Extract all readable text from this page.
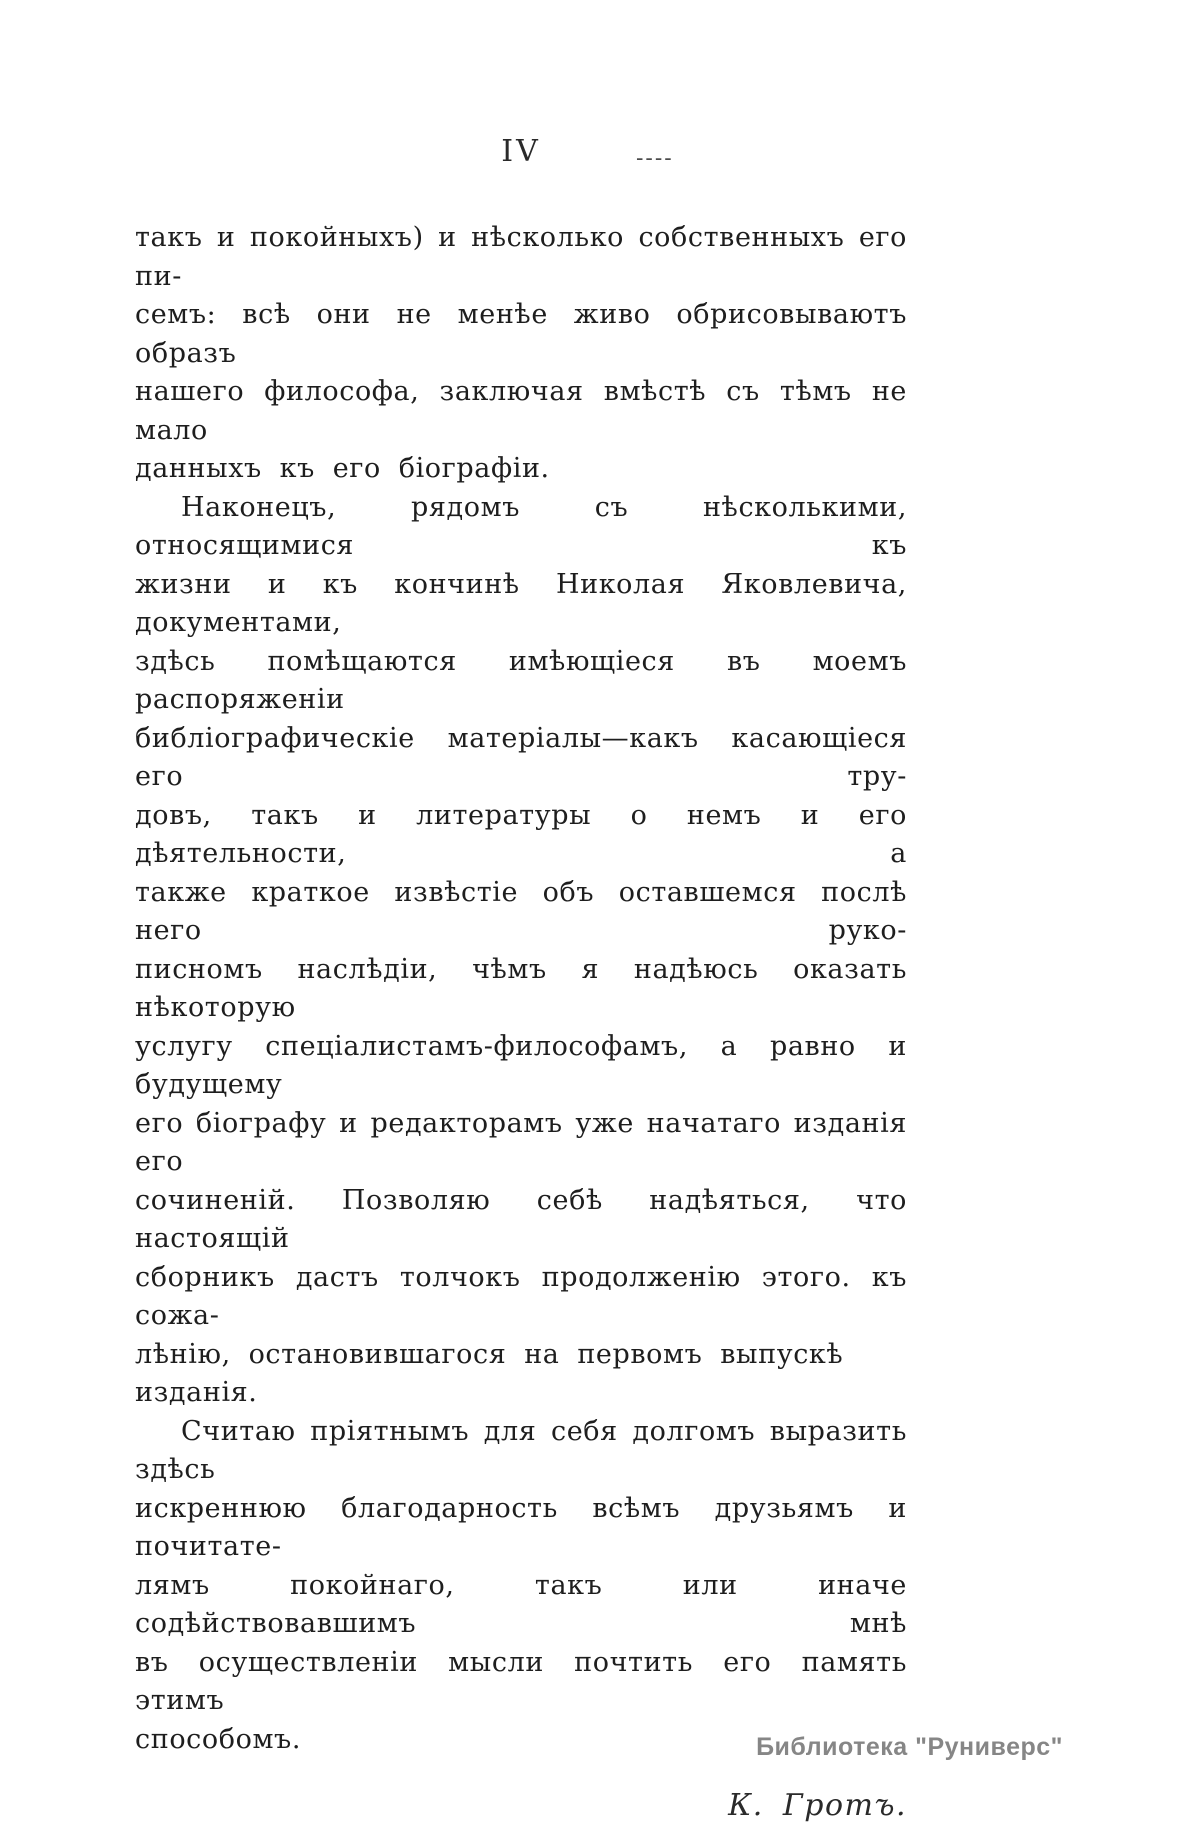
IV	----
такъ и покойныхъ) и нѣсколько собственныхъ его пи-
семъ: всѣ они не менѣе живо обрисовываютъ образъ
нашего философа, заключая вмѣстѣ съ тѣмъ не мало
данныхъ къ его біографіи.
Наконецъ, рядомъ съ нѣсколькими, относящимися къ
жизни и къ кончинѣ Николая Яковлевича, документами,
здѣсь помѣщаются имѣющіеся въ моемъ распоряженіи
библіографическіе матеріалы—какъ касающіеся его тру-
довъ, такъ и литературы о немъ и его дѣятельности, а
также краткое извѣстіе объ оставшемся послѣ него руко-
писномъ наслѣдіи, чѣмъ я надѣюсь оказать нѣкоторую
услугу спеціалистамъ-философамъ, а равно и будущему
его біографу и редакторамъ уже начатаго изданія его
сочиненій. Позволяю себѣ надѣяться, что настоящій
сборникъ дастъ толчокъ продолженію этого. къ сожа-
лѣнію, остановившагося на первомъ выпускѣ изданія.
Считаю пріятнымъ для себя долгомъ выразить здѣсь
искреннюю благодарность всѣмъ друзьямъ и почитате-
лямъ покойнаго, такъ или иначе содѣйствовавшимъ мнѣ
въ осуществленіи мысли почтить его память этимъ
способомъ.
К. Гротъ.
Библиотека "Руниверс"
